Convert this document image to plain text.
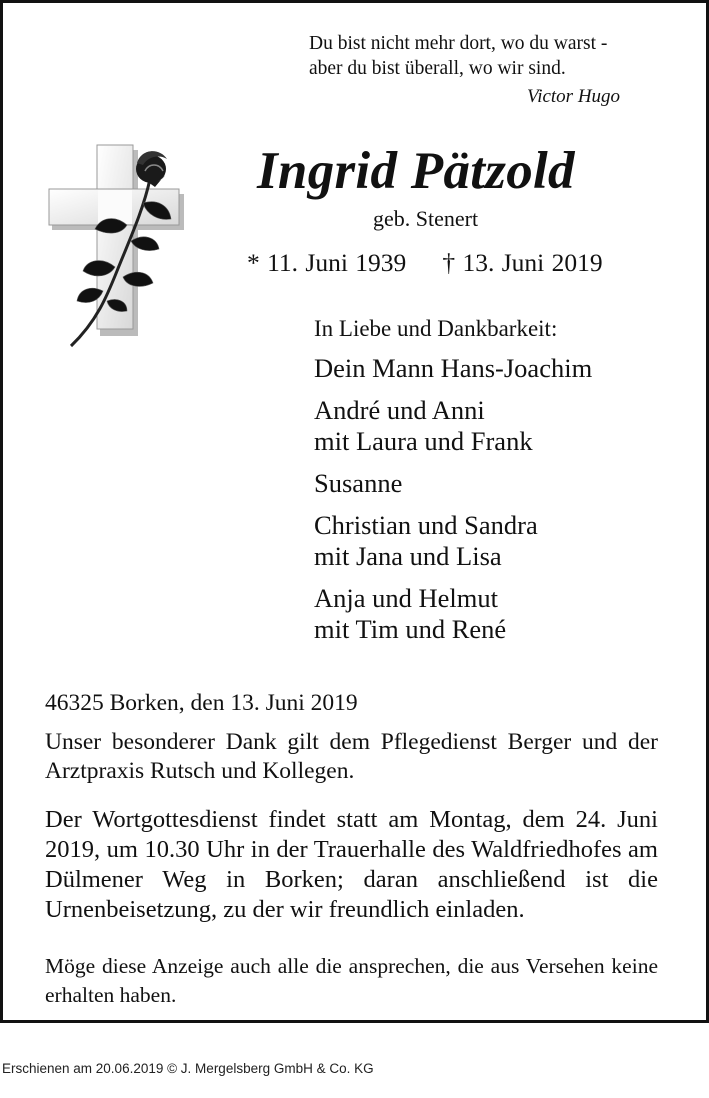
Du bist nicht mehr dort, wo du warst -
aber du bist überall, wo wir sind.
Victor Hugo
Ingrid Pätzold
geb. Stenert
* 11. Juni 1939 † 13. Juni 2019
In Liebe und Dankbarkeit:
Dein Mann Hans-Joachim
André und Anni
mit Laura und Frank
Susanne
Christian und Sandra
mit Jana und Lisa
Anja und Helmut
mit Tim und René
46325 Borken, den 13. Juni 2019
Unser besonderer Dank gilt dem Pflegedienst Berger und der Arztpraxis Rutsch und Kollegen.
Der Wortgottesdienst findet statt am Montag, dem 24. Juni 2019, um 10.30 Uhr in der Trauerhalle des Waldfriedhofes am Dülmener Weg in Borken; daran anschließend ist die Urnenbeisetzung, zu der wir freundlich einladen.
Möge diese Anzeige auch alle die ansprechen, die aus Versehen keine erhalten haben.
Erschienen am 20.06.2019 © J. Mergelsberg GmbH & Co. KG
